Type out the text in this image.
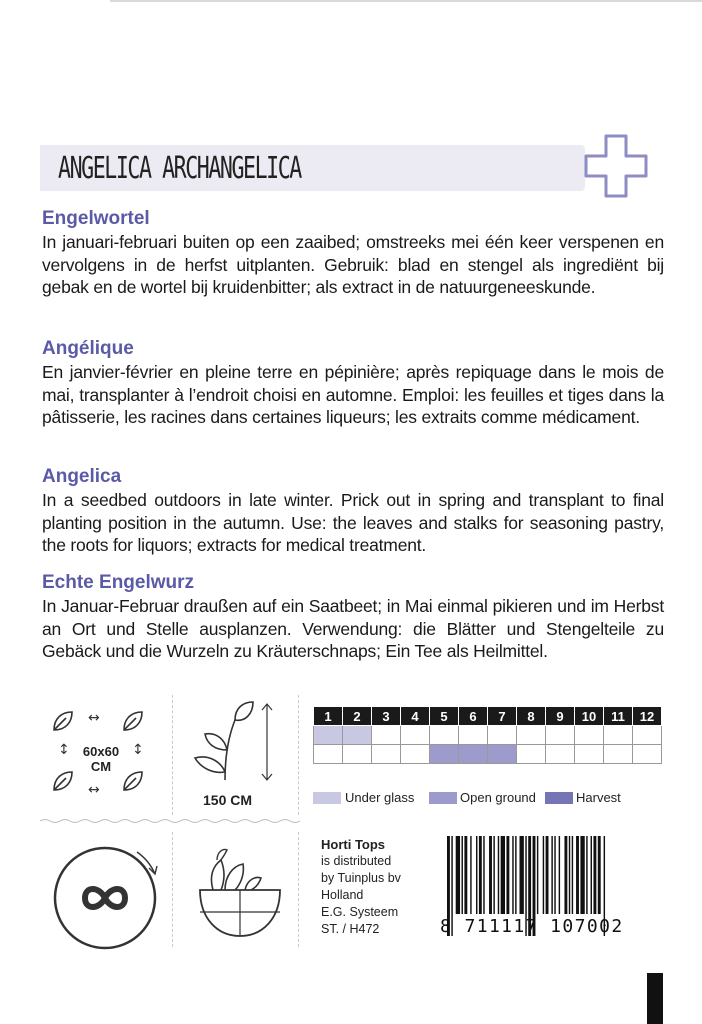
ANGELICA ARCHANGELICA
Engelwortel

In januari-februari buiten op een zaaibed; omstreeks mei één keer verspenen en vervolgens in de herfst uitplanten. Gebruik: blad en stengel als ingrediënt bij gebak en de wortel bij kruidenbitter; als extract in de natuurgeneeskunde.

Angélique

En janvier-février en pleine terre en pépinière; après repiquage dans le mois de mai, transplanter à l’endroit choisi en automne. Emploi: les feuilles et tiges dans la pâtisserie, les racines dans certaines liqueurs; les extraits comme médicament.

Angelica

In a seedbed outdoors in late winter. Prick out in spring and transplant to final planting position in the autumn. Use: the leaves and stalks for seasoning pastry, the roots for liquors; extracts for medical treatment.

Echte Engelwurz

In Januar-Februar draußen auf ein Saatbeet; in Mai einmal pikieren und im Herbst an Ort und Stelle ausplanzen. Verwendung: die Blätter und Stengelteile zu Gebäck und die Wurzeln zu Kräuterschnaps; Ein Tee als Heilmittel.

↔
↔
↕	↕
60x60
CM
150 CM
1	2	3	4	5	6	7	8	9	10	11	12

Under glass	Open ground	Harvest
Horti Tops
is distributed
by Tuinplus bv
Holland
E.G. Systeem
ST. / H472	8 711117 107002
